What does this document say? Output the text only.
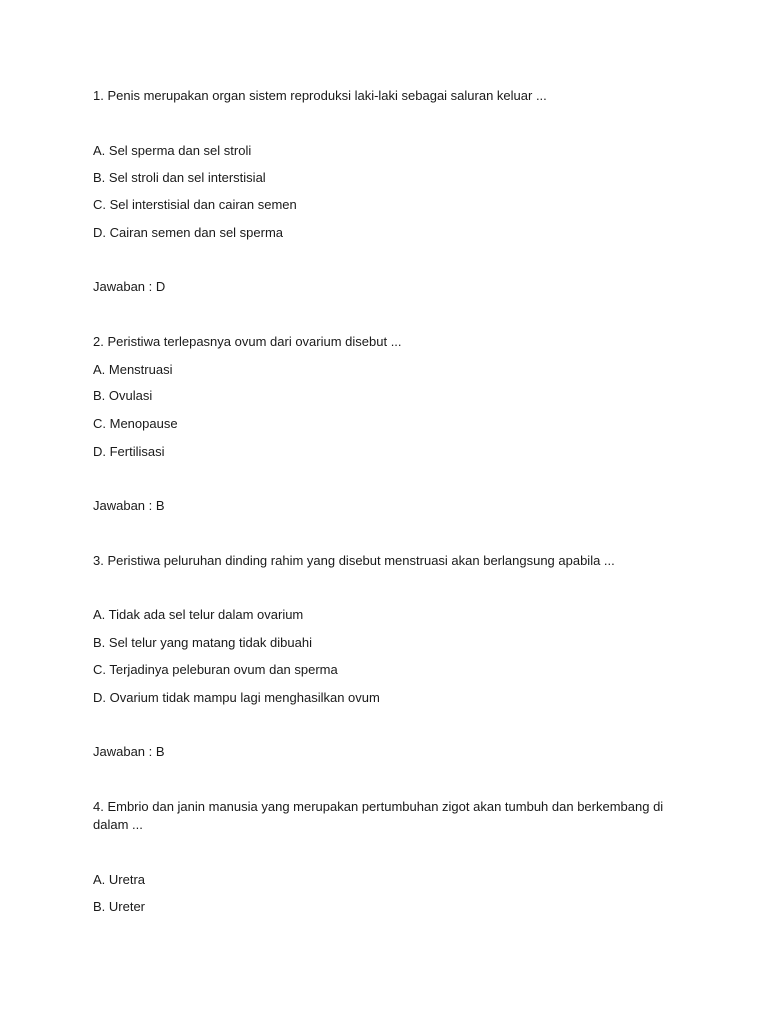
1. Penis merupakan organ sistem reproduksi laki-laki sebagai saluran keluar ...
A. Sel sperma dan sel stroli
B. Sel stroli dan sel interstisial
C. Sel interstisial dan cairan semen
D. Cairan semen dan sel sperma
Jawaban : D
2. Peristiwa terlepasnya ovum dari ovarium disebut ...
A. Menstruasi
B. Ovulasi
C. Menopause
D. Fertilisasi
Jawaban : B
3. Peristiwa peluruhan dinding rahim yang disebut menstruasi akan berlangsung apabila ...
A. Tidak ada sel telur dalam ovarium
B. Sel telur yang matang tidak dibuahi
C. Terjadinya peleburan ovum dan sperma
D. Ovarium tidak mampu lagi menghasilkan ovum
Jawaban : B
4. Embrio dan janin manusia yang merupakan pertumbuhan zigot akan tumbuh dan berkembang di dalam ...
A. Uretra
B. Ureter
